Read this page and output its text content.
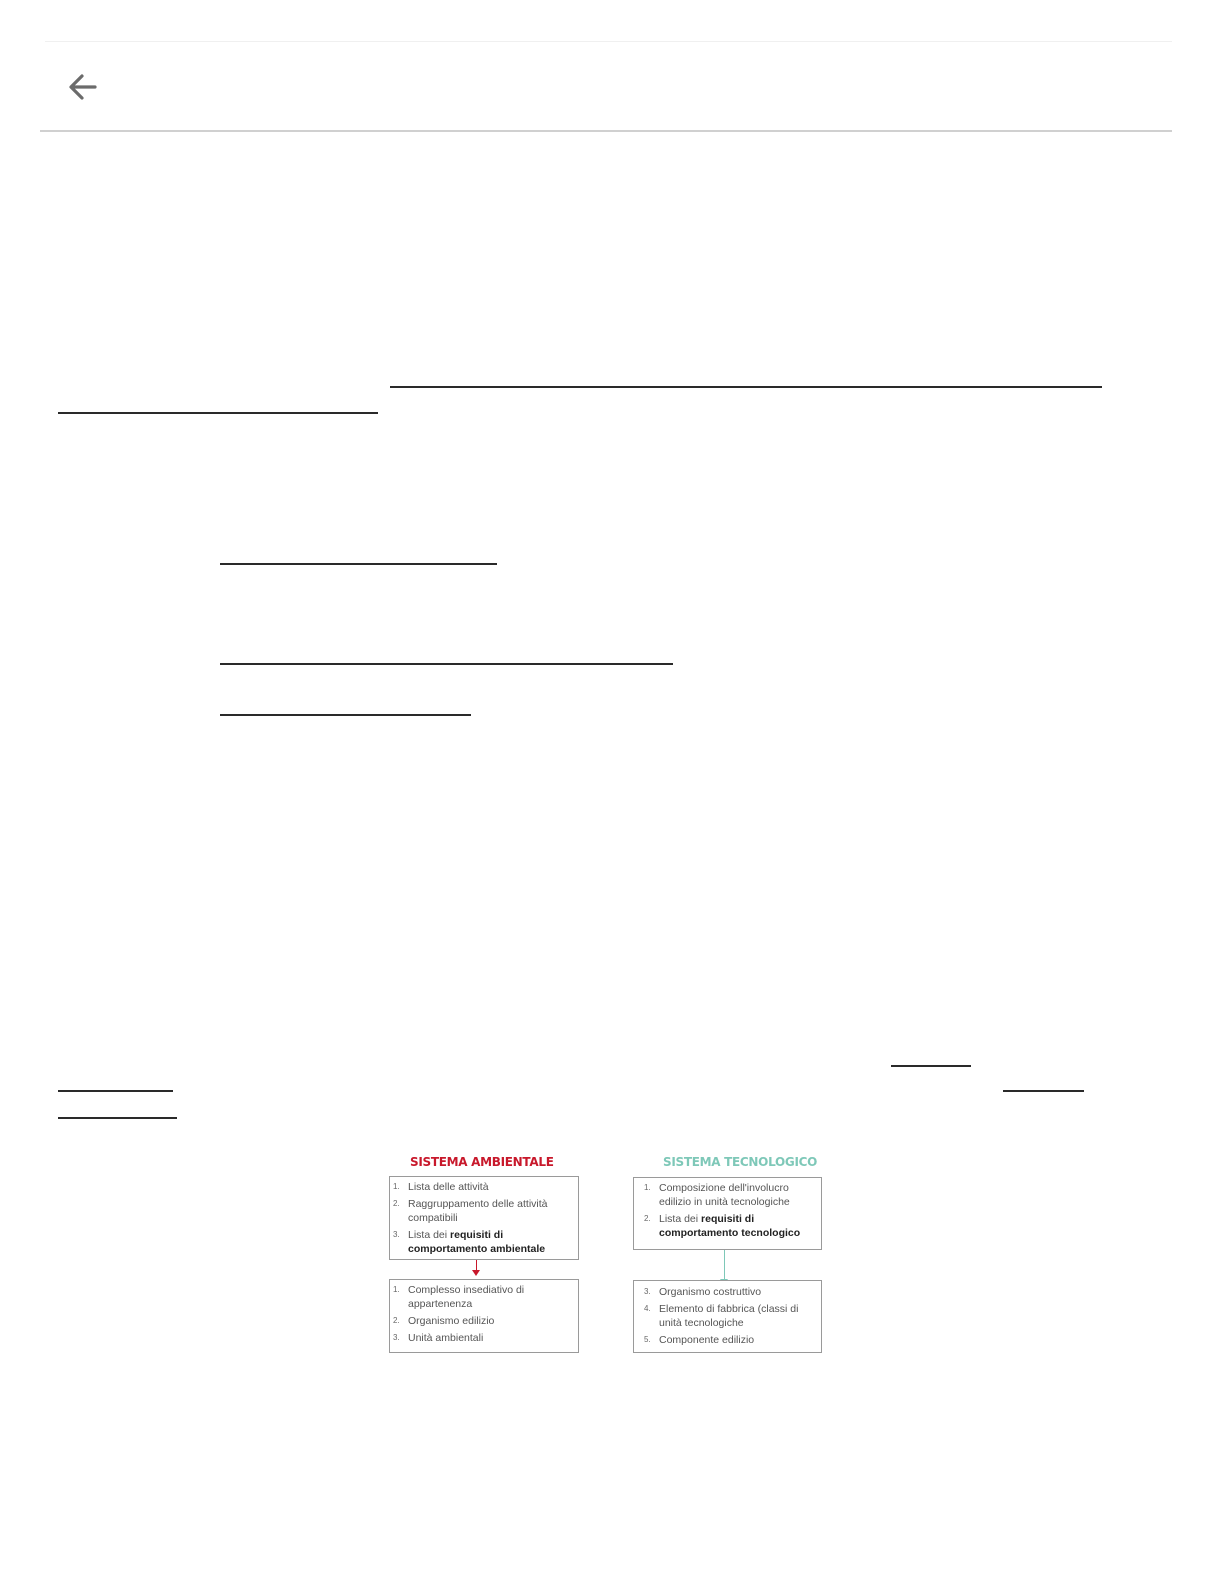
SISTEMA AMBIENTALE
1. Lista delle attività
2. Raggruppamento delle attività compatibili
3. Lista dei requisiti di comportamento ambientale
1. Complesso insediativo di appartenenza
2. Organismo edilizio
3. Unità ambientali
SISTEMA TECNOLOGICO
1. Composizione dell'involucro edilizio in unità tecnologiche
2. Lista dei requisiti di comportamento tecnologico
3. Organismo costruttivo
4. Elemento di fabbrica (classi di unità tecnologiche
5. Componente edilizio
